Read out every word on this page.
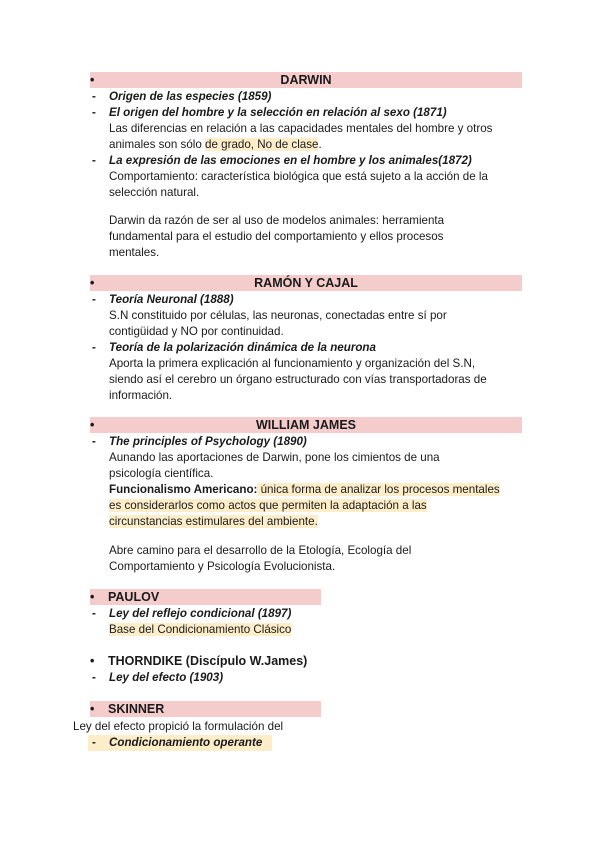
•	DARWIN
- Origen de las especies (1859)
- El origen del hombre y la selección en relación al sexo (1871)
Las diferencias en relación a las capacidades mentales del hombre y otros
animales son sólo de grado, No de clase.
- La expresión de las emociones en el hombre y los animales(1872)
Comportamiento: característica biológica que está sujeto a la acción de la
selección natural.
Darwin da razón de ser al uso de modelos animales: herramienta
fundamental para el estudio del comportamiento y ellos procesos
mentales.
•	RAMÓN Y CAJAL
- Teoría Neuronal (1888)
S.N constituido por células, las neuronas, conectadas entre sí por
contigüidad y NO por continuidad.
- Teoría de la polarización dinámica de la neurona
Aporta la primera explicación al funcionamiento y organización del S.N,
siendo así el cerebro un órgano estructurado con vías transportadoras de
información.
•	WILLIAM JAMES
- The principles of Psychology (1890)
Aunando las aportaciones de Darwin, pone los cimientos de una
psicología científica.
Funcionalismo Americano: única forma de analizar los procesos mentales
es considerarlos como actos que permiten la adaptación a las
circunstancias estimulares del ambiente.
Abre camino para el desarrollo de la Etología, Ecología del
Comportamiento y Psicología Evolucionista.
• PAULOV
- Ley del reflejo condicional (1897)
Base del Condicionamiento Clásico
• THORNDIKE (Discípulo W.James)
- Ley del efecto (1903)
• SKINNER
Ley del efecto propició la formulación del
- Condicionamiento operante
